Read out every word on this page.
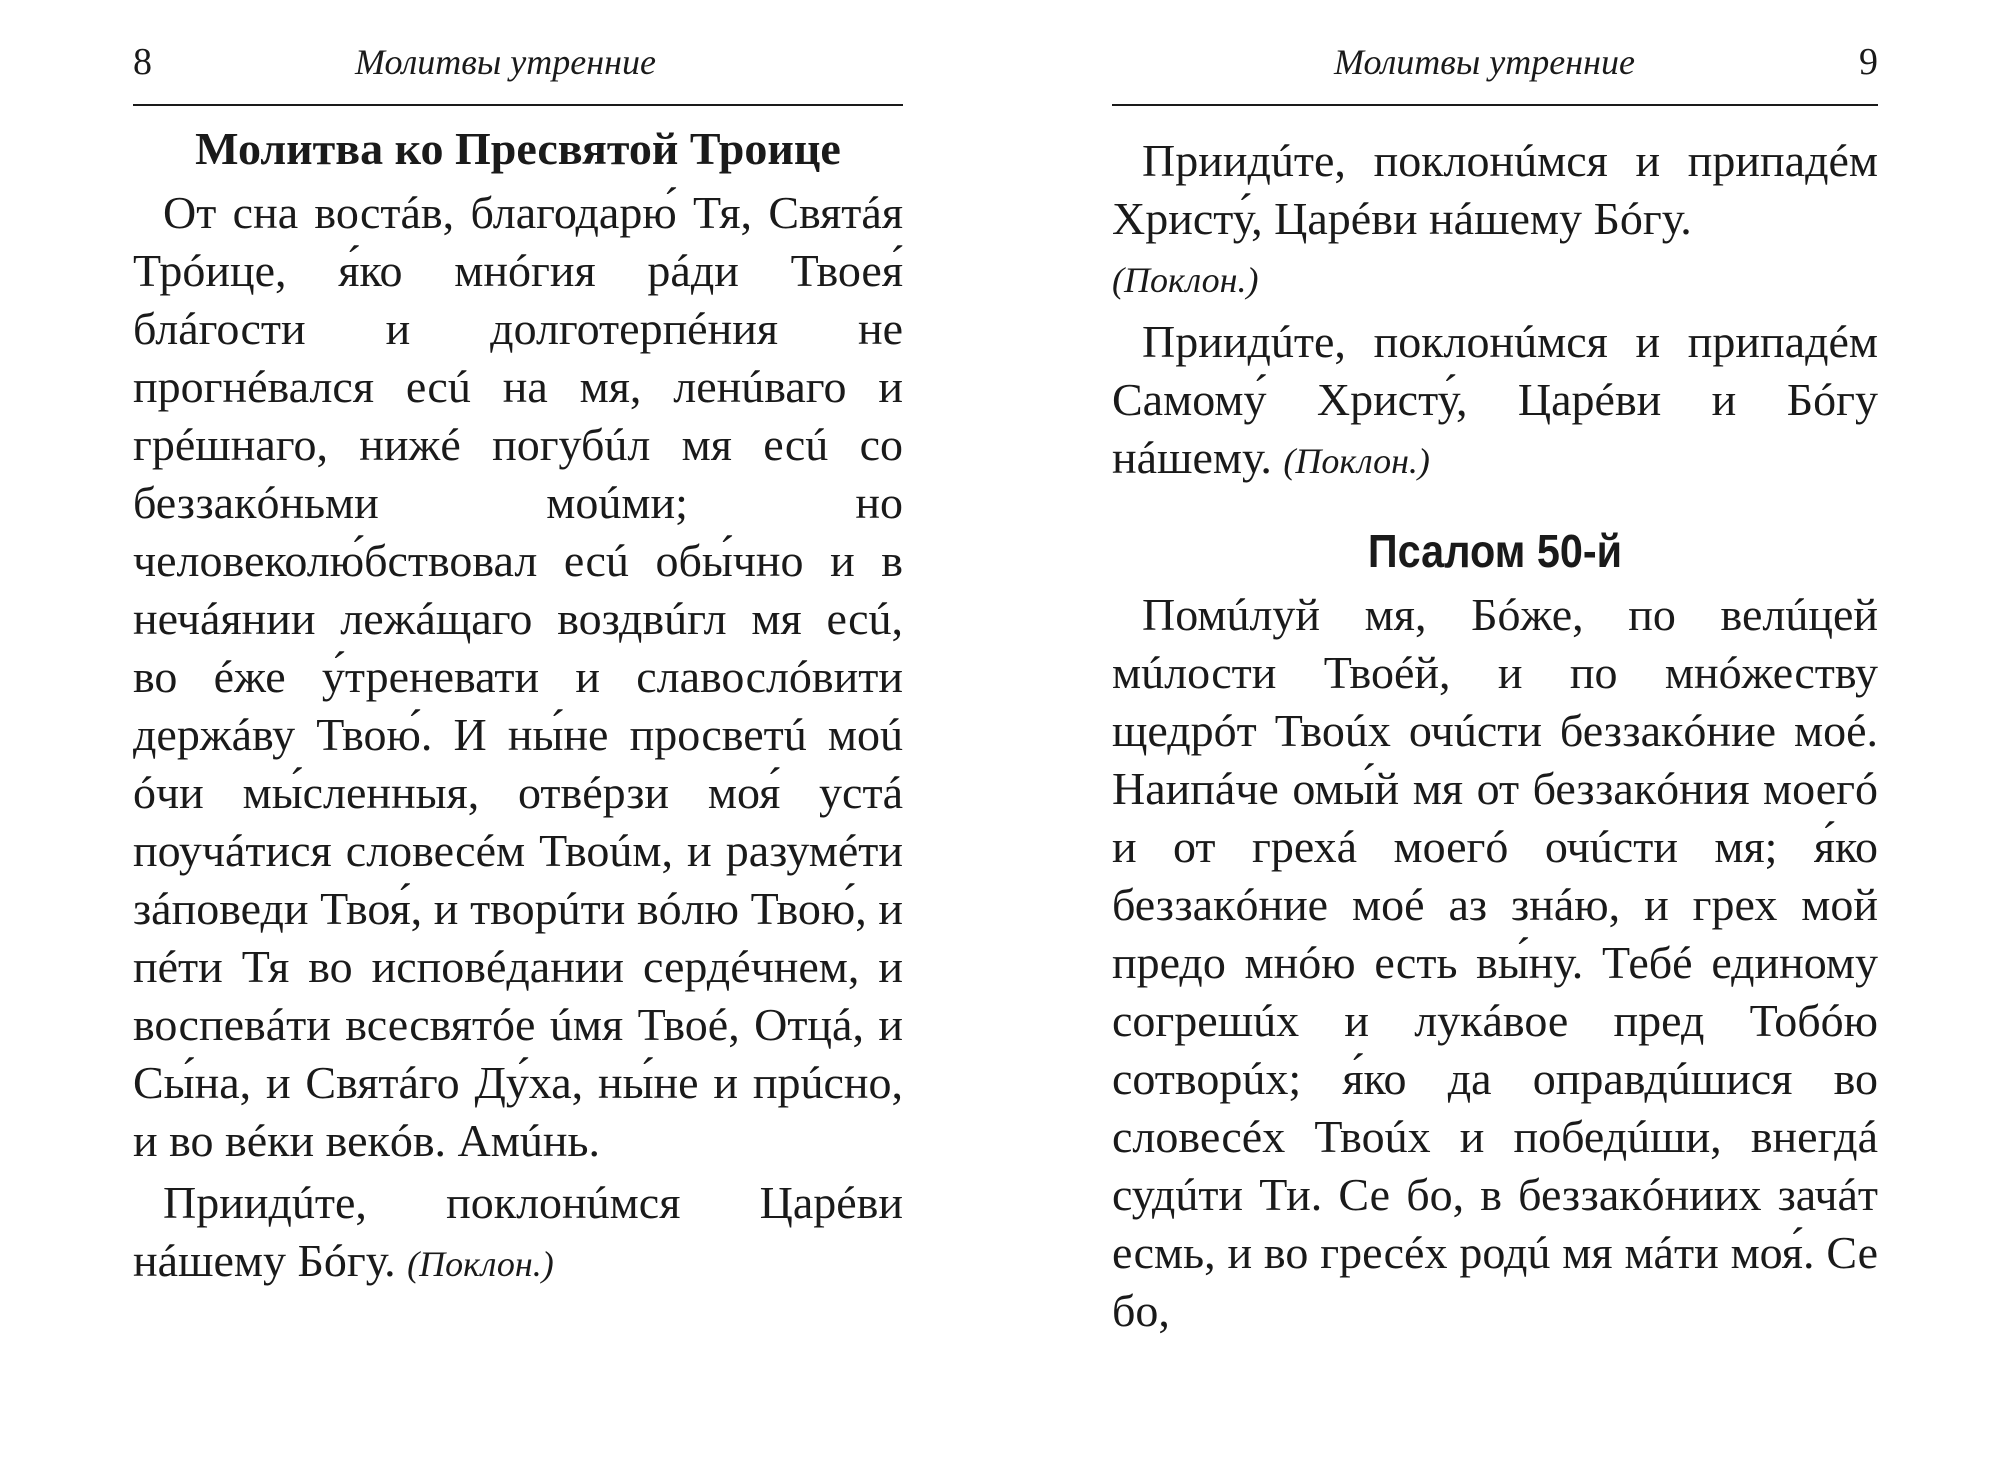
8	Молитвы утренние
Молитва ко Пресвятой Троице

От сна востáв, благодарю́ Тя, Святáя Трóице, я́ко мнóгия рáди Твоея́ блáгости и долготерпéния не прогнéвался есú на мя, ленúваго и грéшнаго, нижé погубúл мя есú со беззакóньми моúми; но человеколю́бствовал есú обы́чно и в нечáянии лежáщаго воздвúгл мя есú, во éже у́треневати и славослóвити держáву Твою́. И ны́не просветú моú óчи мы́сленныя, отвéрзи моя́ устá поучáтися словесéм Твоúм, и разумéти зáповеди Твоя́, и творúти вóлю Твою́, и пéти Тя во исповéдании сердéчнем, и воспевáти всесвятóе úмя Твоé, Отцá, и Сы́на, и Святáго Ду́ха, ны́не и прúсно, и во вéки векóв. Амúнь.

Приидúте, поклонúмся Царéви нáшему Бóгу. (Поклон.)

Молитвы утренние	9

Приидúте, поклонúмся и припадéм Христу́, Царéви нáшему Бóгу.
(Поклон.)

Приидúте, поклонúмся и припадéм Самому́ Христу́, Царéви и Бóгу нáшему. (Поклон.)

Псалом 50-й

Помúлуй мя, Бóже, по велúцей мúлости Твоéй, и по мнóжеству щедрóт Твоúх очúсти беззакóние моé. Наипáче омы́й мя от беззакóния моегó и от грехá моегó очúсти мя; я́ко беззакóние моé аз знáю, и грех мой предо мнóю есть вы́ну. Тебé единому согрешúх и лукáвое пред Тобóю сотворúх; я́ко да оправдúшися во словесéх Твоúх и победúши, внегдá судúти Ти. Се бо, в беззакóниих зачáт есмь, и во гресéх родú мя мáти моя́. Се бо,
